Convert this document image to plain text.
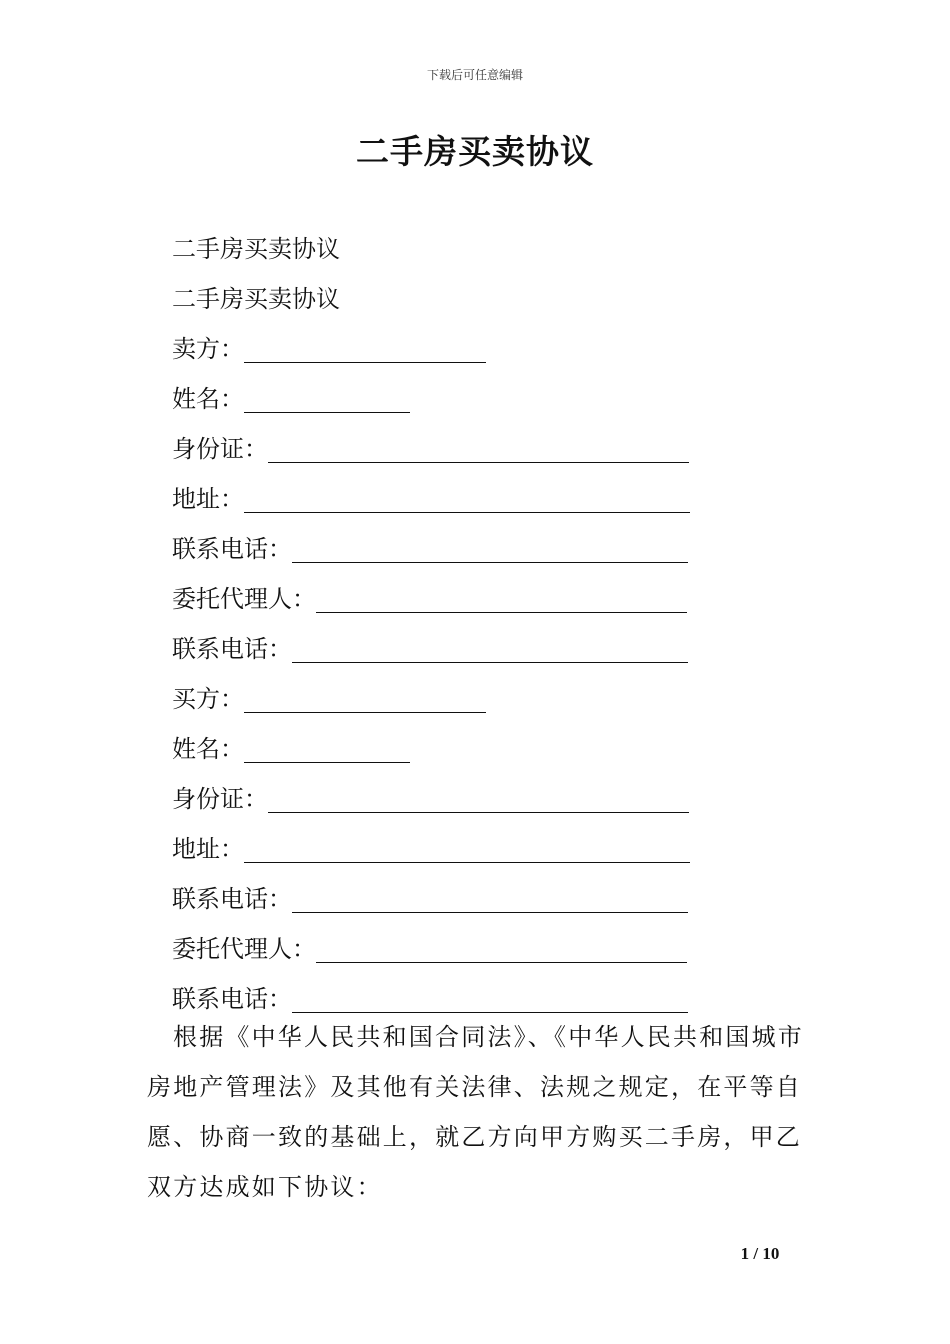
下载后可任意编辑
二手房买卖协议
二手房买卖协议
二手房买卖协议
卖方：
姓名：
身份证：
地址：
联系电话：
委托代理人：
联系电话：
买方：
姓名：
身份证：
地址：
联系电话：
委托代理人：
联系电话：

根据《中华人民共和国合同法》、《中华人民共和国城市房地产管理法》及其他有关法律、法规之规定，在平等自愿、协商一致的基础上，就乙方向甲方购买二手房，甲乙双方达成如下协议：

1 / 10
